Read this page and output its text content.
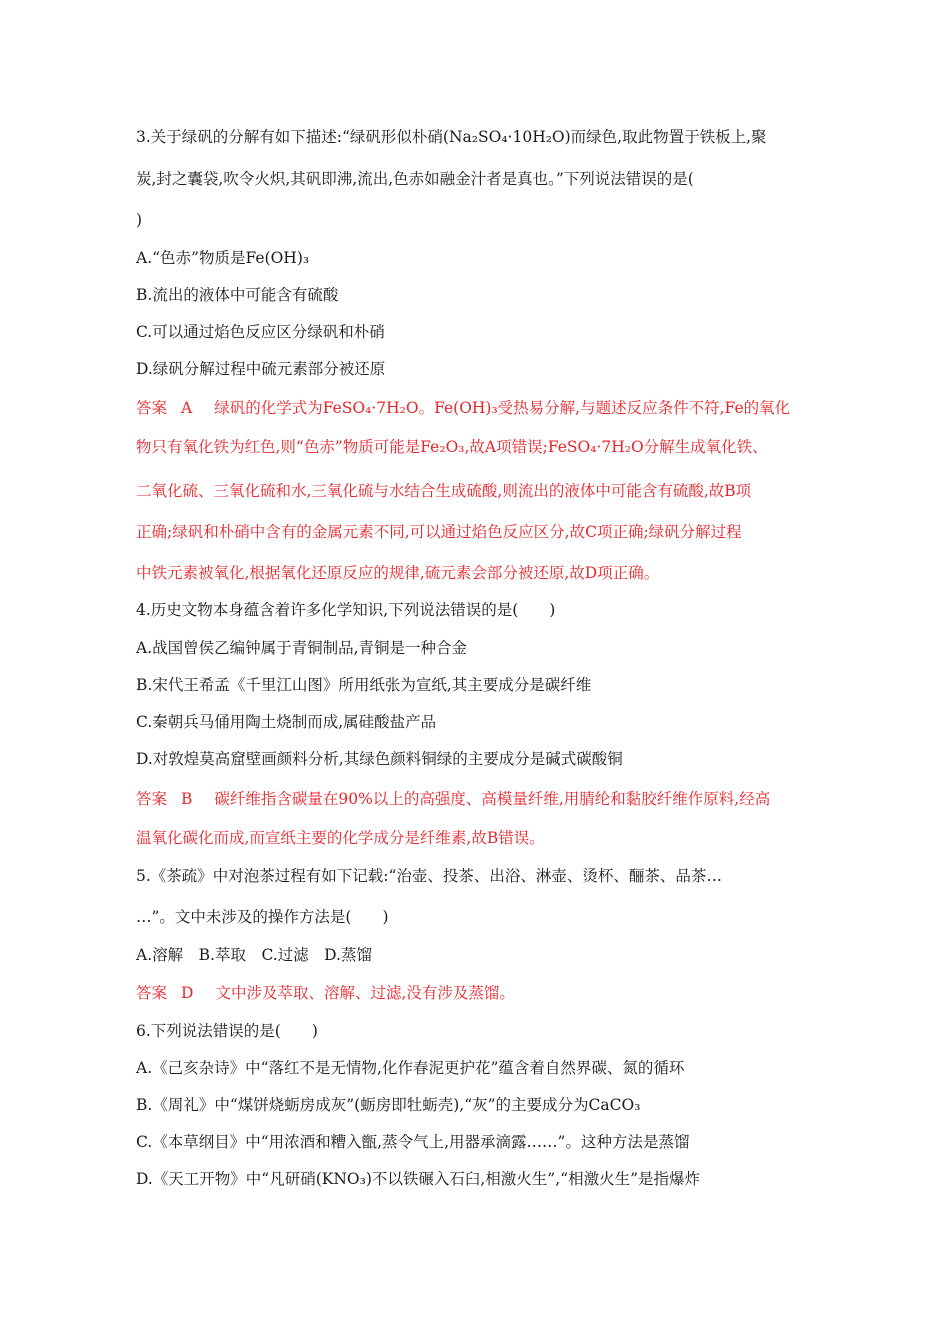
3.关于绿矾的分解有如下描述:“绿矾形似朴硝(Na₂SO₄·10H₂O)而绿色,取此物置于铁板上,聚
炭,封之囊袋,吹令火炽,其矾即沸,流出,色赤如融金汁者是真也。”下列说法错误的是(
)
A.“色赤”物质是Fe(OH)₃
B.流出的液体中可能含有硫酸
C.可以通过焰色反应区分绿矾和朴硝
D.绿矾分解过程中硫元素部分被还原
答案 A 绿矾的化学式为FeSO₄·7H₂O。Fe(OH)₃受热易分解,与题述反应条件不符,Fe的氧化
物只有氧化铁为红色,则“色赤”物质可能是Fe₂O₃,故A项错误;FeSO₄·7H₂O分解生成氧化铁、
二氧化硫、三氧化硫和水,三氧化硫与水结合生成硫酸,则流出的液体中可能含有硫酸,故B项
正确;绿矾和朴硝中含有的金属元素不同,可以通过焰色反应区分,故C项正确;绿矾分解过程
中铁元素被氧化,根据氧化还原反应的规律,硫元素会部分被还原,故D项正确。
4.历史文物本身蕴含着许多化学知识,下列说法错误的是(　　)
A.战国曾侯乙编钟属于青铜制品,青铜是一种合金
B.宋代王希孟《千里江山图》所用纸张为宣纸,其主要成分是碳纤维
C.秦朝兵马俑用陶土烧制而成,属硅酸盐产品
D.对敦煌莫高窟壁画颜料分析,其绿色颜料铜绿的主要成分是碱式碳酸铜
答案 B 碳纤维指含碳量在90%以上的高强度、高模量纤维,用腈纶和黏胶纤维作原料,经高
温氧化碳化而成,而宣纸主要的化学成分是纤维素,故B错误。
5.《茶疏》中对泡茶过程有如下记载:“治壶、投茶、出浴、淋壶、烫杯、酾茶、品茶…
…”。文中未涉及的操作方法是(　　)
A.溶解　B.萃取　C.过滤　D.蒸馏
答案 D 文中涉及萃取、溶解、过滤,没有涉及蒸馏。
6.下列说法错误的是(　　)
A.《己亥杂诗》中“落红不是无情物,化作春泥更护花”蕴含着自然界碳、氮的循环
B.《周礼》中“煤饼烧蛎房成灰”(蛎房即牡蛎壳),“灰”的主要成分为CaCO₃
C.《本草纲目》中“用浓酒和糟入甑,蒸令气上,用器承滴露……”。这种方法是蒸馏
D.《天工开物》中“凡研硝(KNO₃)不以铁碾入石臼,相激火生”,“相激火生”是指爆炸
